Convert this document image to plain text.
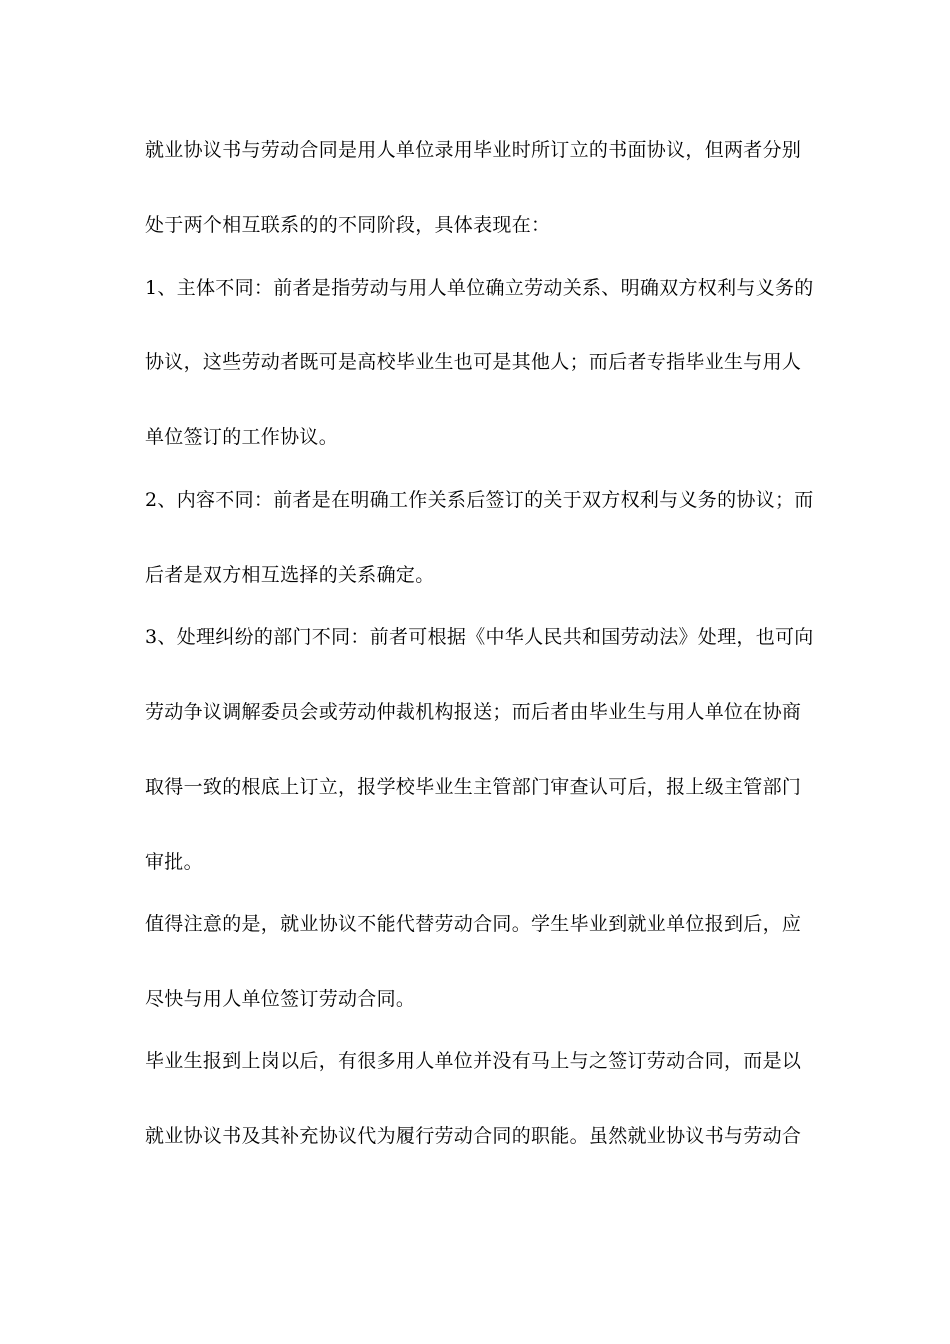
就业协议书与劳动合同是用人单位录用毕业时所订立的书面协议，但两者分别
处于两个相互联系的的不同阶段，具体表现在：
1、主体不同：前者是指劳动与用人单位确立劳动关系、明确双方权利与义务的
协议，这些劳动者既可是高校毕业生也可是其他人；而后者专指毕业生与用人
单位签订的工作协议。
2、内容不同：前者是在明确工作关系后签订的关于双方权利与义务的协议；而
后者是双方相互选择的关系确定。
3、处理纠纷的部门不同：前者可根据《中华人民共和国劳动法》处理，也可向
劳动争议调解委员会或劳动仲裁机构报送；而后者由毕业生与用人单位在协商
取得一致的根底上订立，报学校毕业生主管部门审查认可后，报上级主管部门
审批。
值得注意的是，就业协议不能代替劳动合同。学生毕业到就业单位报到后，应
尽快与用人单位签订劳动合同。
毕业生报到上岗以后，有很多用人单位并没有马上与之签订劳动合同，而是以
就业协议书及其补充协议代为履行劳动合同的职能。虽然就业协议书与劳动合
